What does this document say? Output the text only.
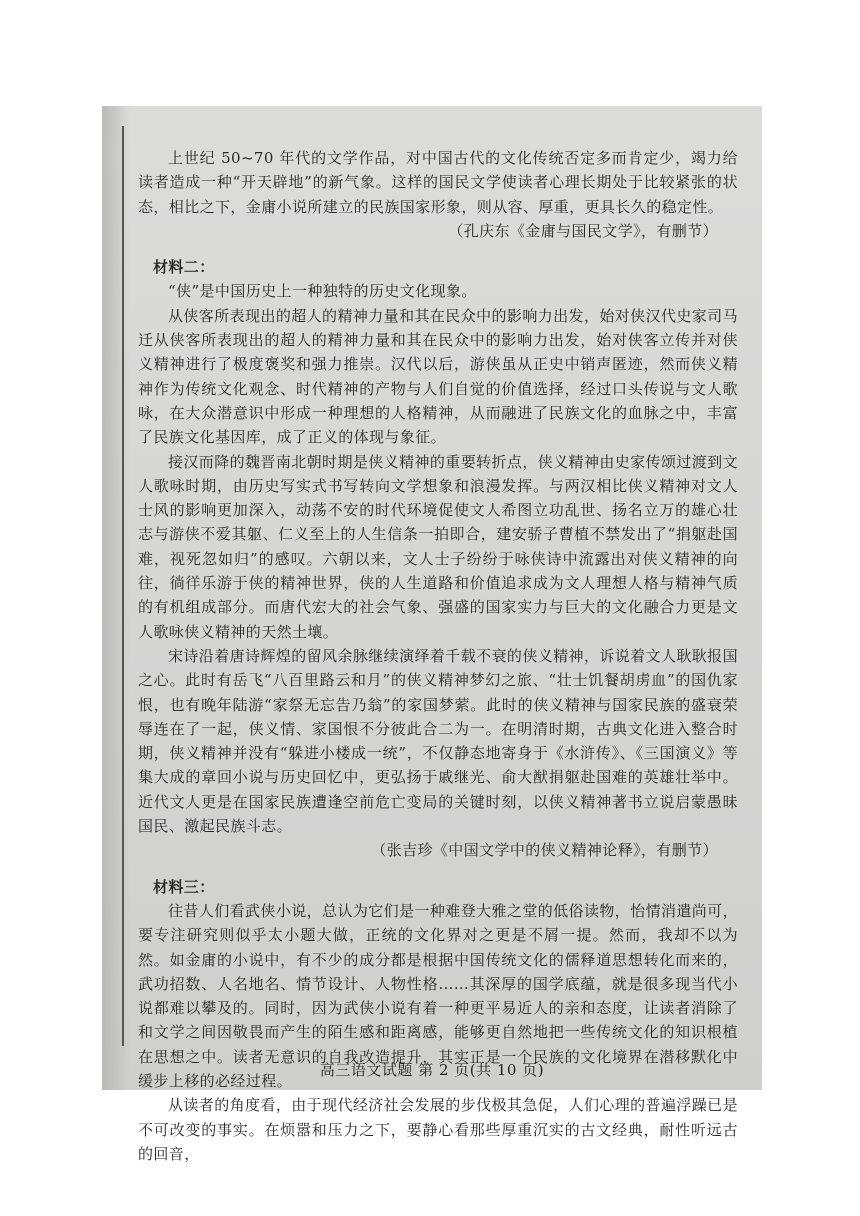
上世纪 50~70 年代的文学作品，对中国古代的文化传统否定多而肯定少，竭力给读者造成一种“开天辟地”的新气象。这样的国民文学使读者心理长期处于比较紧张的状态，相比之下，金庸小说所建立的民族国家形象，则从容、厚重，更具长久的稳定性。

（孔庆东《金庸与国民文学》，有删节）

材料二：

“侠”是中国历史上一种独特的历史文化现象。

从侠客所表现出的超人的精神力量和其在民众中的影响力出发，始对侠汉代史家司马迁从侠客所表现出的超人的精神力量和其在民众中的影响力出发，始对侠客立传并对侠义精神进行了极度褒奖和强力推崇。汉代以后，游侠虽从正史中销声匿迹，然而侠义精神作为传统文化观念、时代精神的产物与人们自觉的价值选择，经过口头传说与文人歌咏，在大众潜意识中形成一种理想的人格精神，从而融进了民族文化的血脉之中，丰富了民族文化基因库，成了正义的体现与象征。

接汉而降的魏晋南北朝时期是侠义精神的重要转折点，侠义精神由史家传颂过渡到文人歌咏时期，由历史写实式书写转向文学想象和浪漫发挥。与两汉相比侠义精神对文人士风的影响更加深入，动荡不安的时代环境促使文人希图立功乱世、扬名立万的雄心壮志与游侠不爱其躯、仁义至上的人生信条一拍即合，建安骄子曹植不禁发出了“捐躯赴国难，视死忽如归”的感叹。六朝以来，文人士子纷纷于咏侠诗中流露出对侠义精神的向往，徜徉乐游于侠的精神世界，侠的人生道路和价值追求成为文人理想人格与精神气质的有机组成部分。而唐代宏大的社会气象、强盛的国家实力与巨大的文化融合力更是文人歌咏侠义精神的天然土壤。

宋诗沿着唐诗辉煌的留风余脉继续演绎着千载不衰的侠义精神，诉说着文人耿耿报国之心。此时有岳飞“八百里路云和月”的侠义精神梦幻之旅、“壮士饥餐胡虏血”的国仇家恨，也有晚年陆游“家祭无忘告乃翁”的家国梦萦。此时的侠义精神与国家民族的盛衰荣辱连在了一起，侠义情、家国恨不分彼此合二为一。在明清时期，古典文化进入整合时期，侠义精神并没有“躲进小楼成一统”，不仅静态地寄身于《水浒传》、《三国演义》等集大成的章回小说与历史回忆中，更弘扬于戚继光、俞大猷捐躯赴国难的英雄壮举中。近代文人更是在国家民族遭逢空前危亡变局的关键时刻，以侠义精神著书立说启蒙愚昧国民、激起民族斗志。

（张吉珍《中国文学中的侠义精神论释》，有删节）

材料三：

往昔人们看武侠小说，总认为它们是一种难登大雅之堂的低俗读物，怡情消遣尚可，要专注研究则似乎太小题大做，正统的文化界对之更是不屑一提。然而，我却不以为然。如金庸的小说中，有不少的成分都是根据中国传统文化的儒释道思想转化而来的，武功招数、人名地名、情节设计、人物性格……其深厚的国学底蕴，就是很多现当代小说都难以攀及的。同时，因为武侠小说有着一种更平易近人的亲和态度，让读者消除了和文学之间因敬畏而产生的陌生感和距离感，能够更自然地把一些传统文化的知识根植在思想之中。读者无意识的自我改造提升，其实正是一个民族的文化境界在潜移默化中缓步上移的必经过程。

从读者的角度看，由于现代经济社会发展的步伐极其急促，人们心理的普遍浮躁已是不可改变的事实。在烦嚣和压力之下，要静心看那些厚重沉实的古文经典，耐性听远古的回音，

高三语文试题 第 2 页(共 10 页)
